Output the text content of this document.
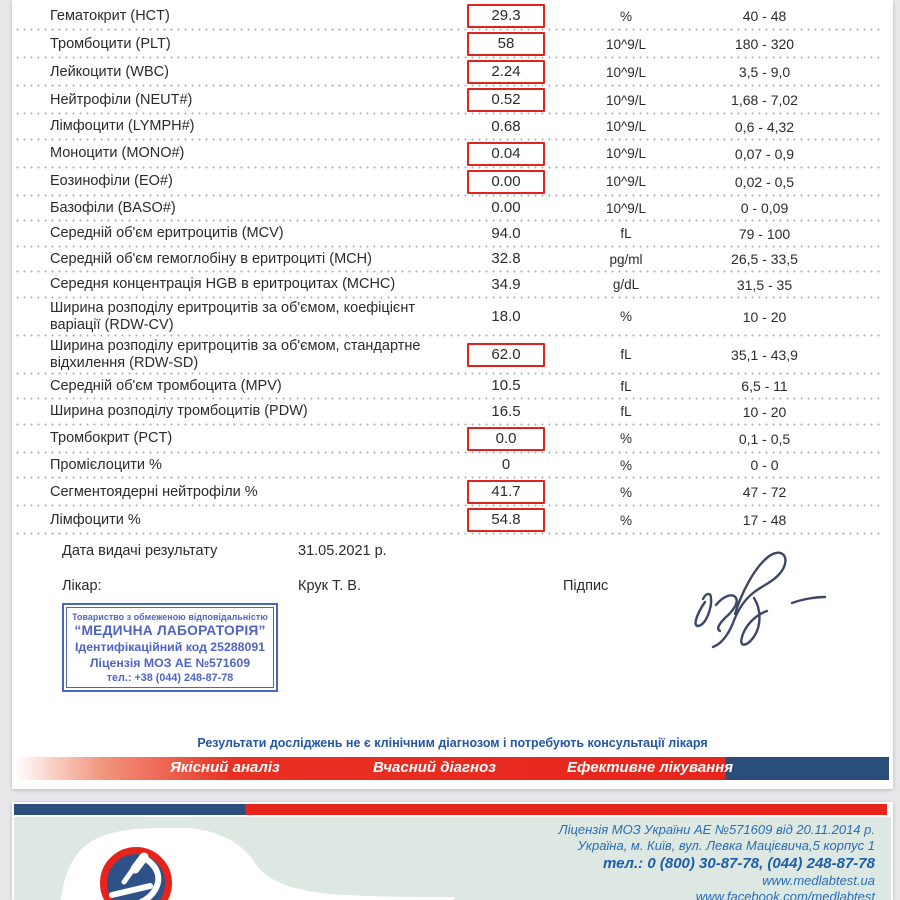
Гематокрит (HCT)	29.3	%	40 - 48
Тромбоцити (PLT)	58	10^9/L	180 - 320
Лейкоцити (WBC)	2.24	10^9/L	3,5 - 9,0
Нейтрофіли (NEUT#)	0.52	10^9/L	1,68 - 7,02
Лімфоцити (LYMPH#)	0.68	10^9/L	0,6 - 4,32
Моноцити (MONO#)	0.04	10^9/L	0,07 - 0,9
Еозинофіли (EO#)	0.00	10^9/L	0,02 - 0,5
Базофіли (BASO#)	0.00	10^9/L	0 - 0,09
Середній об'єм еритроцитів (MCV)	94.0	fL	79 - 100
Середній об'єм гемоглобіну в еритроциті (MCH)	32.8	pg/ml	26,5 - 33,5
Середня концентрація HGB в еритроцитах (MCHC)	34.9	g/dL	31,5 - 35
Ширина розподілу еритроцитів за об'ємом, коефіцієнт варіації (RDW-CV)	18.0	%	10 - 20
Ширина розподілу еритроцитів за об'ємом, стандартне відхилення (RDW-SD)	62.0	fL	35,1 - 43,9
Середній об'єм тромбоцита (MPV)	10.5	fL	6,5 - 11
Ширина розподілу тромбоцитів (PDW)	16.5	fL	10 - 20
Тромбокрит (PCT)	0.0	%	0,1 - 0,5
Промієлоцити %	0	%	0 - 0
Сегментоядерні нейтрофіли %	41.7	%	47 - 72
Лімфоцити %	54.8	%	17 - 48
Дата видачі результату	31.05.2021 р.
Лікар:	Крук Т. В.	Підпис
Товариство з обмеженою відповідальністю
“МЕДИЧНА ЛАБОРАТОРІЯ”
Ідентифікаційний код 25288091
Ліцензія МОЗ АЕ №571609
тел.: +38 (044) 248-87-78
Результати досліджень не є клінічним діагнозом і потребують консультації лікаря
Якісний аналіз	Вчасний діагноз	Ефективне лікування
Ліцензія МОЗ України АЕ №571609 від 20.11.2014 р.
Україна, м. Київ, вул. Левка Мацієвича,5 корпус 1
тел.: 0 (800) 30-87-78, (044) 248-87-78
www.medlabtest.ua
www.facebook.com/medlabtest
